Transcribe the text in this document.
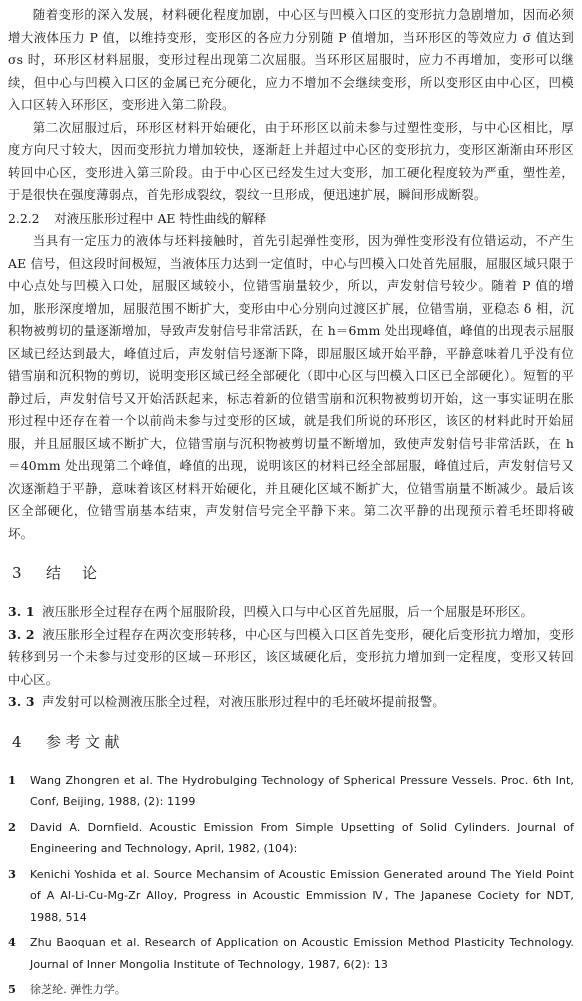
随着变形的深入发展，材料硬化程度加剧，中心区与凹模入口区的变形抗力急剧增加，因而必须增大液体压力 P 值，以维持变形，变形区的各应力分别随 P 值增加，当环形区的等效应力 σ̄ 值达到 σs 时，环形区材料屈服，变形过程出现第二次屈服。当环形区屈服时，应力不再增加，变形可以继续，但中心与凹模入口区的金属已充分硬化，应力不增加不会继续变形，所以变形区由中心区，凹模入口区转入环形区，变形进入第二阶段。

第二次屈服过后，环形区材料开始硬化，由于环形区以前未参与过塑性变形，与中心区相比，厚度方向尺寸较大，因而变形抗力增加较快，逐渐赶上并超过中心区的变形抗力，变形区渐渐由环形区转回中心区，变形进入第三阶段。由于中心区已经发生过大变形，加工硬化程度较为严重，塑性差，于是很快在强度薄弱点，首先形成裂纹，裂纹一旦形成，便迅速扩展，瞬间形成断裂。

2.2.2 对液压胀形过程中 AE 特性曲线的解释

当具有一定压力的液体与坯料接触时，首先引起弹性变形，因为弹性变形没有位错运动，不产生 AE 信号，但这段时间极短，当液体压力达到一定值时，中心与凹模入口处首先屈服，屈服区域只限于中心点处与凹模入口处，屈服区域较小，位错雪崩量较少，所以，声发射信号较少。随着 P 值的增加，胀形深度增加，屈服范围不断扩大，变形由中心分别向过渡区扩展，位错雪崩，亚稳态 δ 相，沉积物被剪切的量逐渐增加，导致声发射信号非常活跃，在 h＝6mm 处出现峰值，峰值的出现表示屈服区域已经达到最大，峰值过后，声发射信号逐渐下降，即屈服区域开始平静，平静意味着几乎没有位错雪崩和沉积物的剪切，说明变形区域已经全部硬化（即中心区与凹模入口区已全部硬化）。短暂的平静过后，声发射信号又开始活跃起来，标志着新的位错雪崩和沉积物被剪切开始，这一事实证明在胀形过程中还存在着一个以前尚未参与过变形的区域，就是我们所说的环形区，该区的材料此时开始屈服，并且屈服区域不断扩大，位错雪崩与沉积物被剪切量不断增加，致使声发射信号非常活跃，在 h＝40mm 处出现第二个峰值，峰值的出现，说明该区的材料已经全部屈服，峰值过后，声发射信号又次逐渐趋于平静，意味着该区材料开始硬化，并且硬化区域不断扩大，位错雪崩量不断减少。最后该区全部硬化，位错雪崩基本结束，声发射信号完全平静下来。第二次平静的出现预示着毛坯即将破坏。

3 结论

3. 1 液压胀形全过程存在两个屈服阶段，凹模入口与中心区首先屈服，后一个屈服是环形区。

3. 2 液压胀形全过程存在两次变形转移，中心区与凹模入口区首先变形，硬化后变形抗力增加，变形转移到另一个未参与过变形的区域－环形区，该区域硬化后，变形抗力增加到一定程度，变形又转回中心区。

3. 3 声发射可以检测液压胀全过程，对液压胀形过程中的毛坯破坏提前报警。

4 参考文献
1	Wang Zhongren et al. The Hydrobulging Technology of Spherical Pressure Vessels. Proc. 6th Int, Conf, Beijing, 1988, (2): 1199
2	David A. Dornfield. Acoustic Emission From Simple Upsetting of Solid Cylinders. Journal of Engineering and Technology, April, 1982, (104):
3	Kenichi Yoshida et al. Source Mechansim of Acoustic Emission Generated around The Yield Point of A Al-Li-Cu-Mg-Zr Alloy, Progress in Acoustic Emmission Ⅳ, The Japanese Cociety for NDT, 1988, 514
4	Zhu Baoquan et al. Research of Application on Acoustic Emission Method Plasticity Technology. Journal of Inner Mongolia Institute of Technology, 1987, 6(2): 13
5	徐芝纶. 弹性力学。
